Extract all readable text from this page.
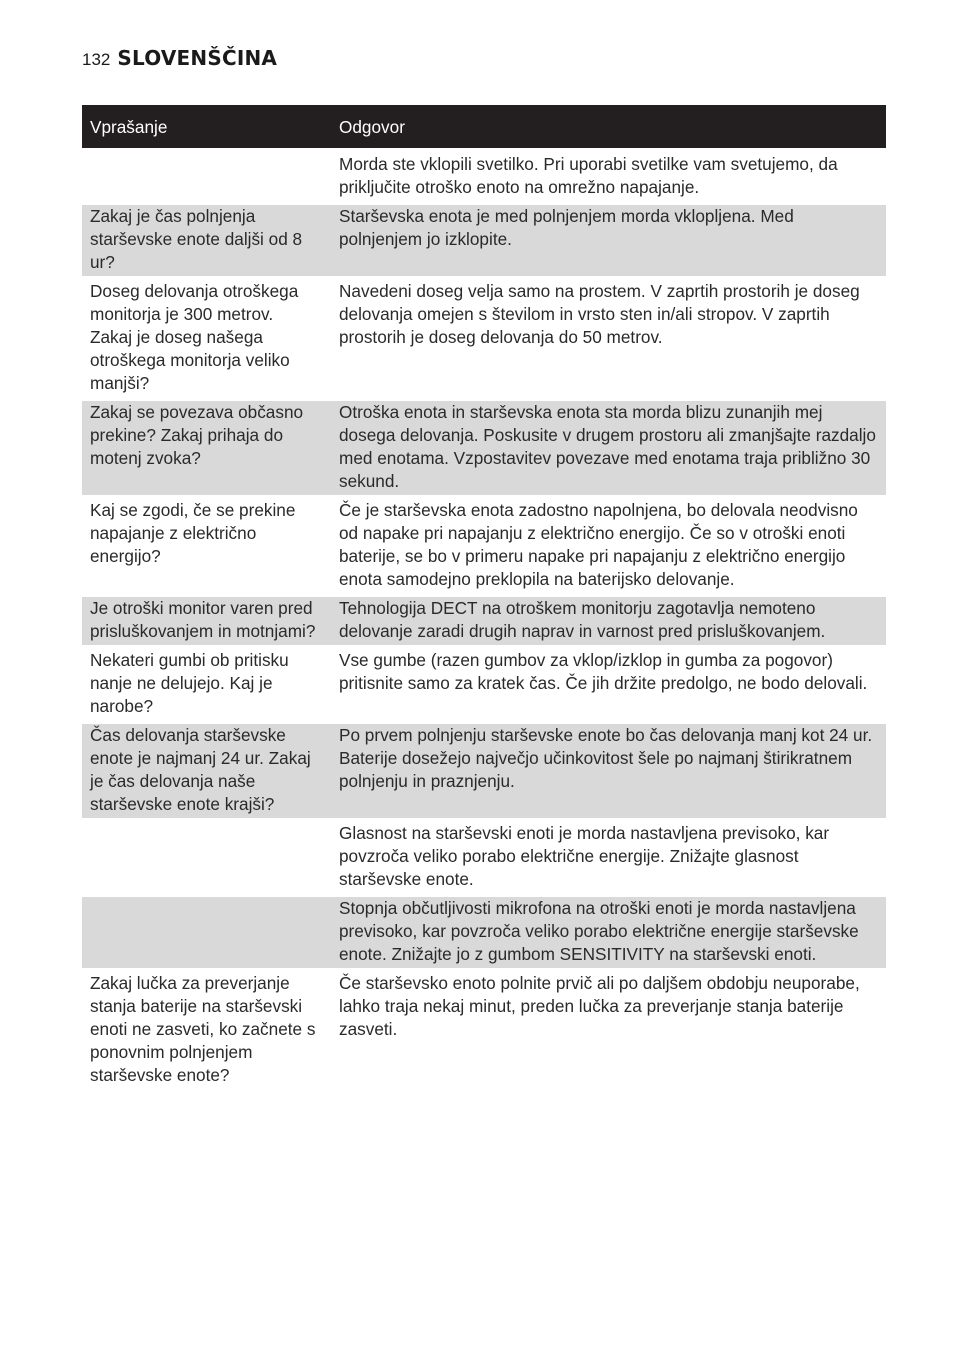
132 SLOVENŠČINA
Vprašanje	Odgovor

	Morda ste vklopili svetilko. Pri uporabi svetilke vam svetujemo, da priključite otroško enoto na omrežno napajanje.

Zakaj je čas polnjenja starševske enote daljši od 8 ur?	Starševska enota je med polnjenjem morda vklopljena. Med polnjenjem jo izklopite.

Doseg delovanja otroškega monitorja je 300 metrov. Zakaj je doseg našega otroškega monitorja veliko manjši?	Navedeni doseg velja samo na prostem. V zaprtih prostorih je doseg delovanja omejen s številom in vrsto sten in/ali stropov. V zaprtih prostorih je doseg delovanja do 50 metrov.

Zakaj se povezava občasno prekine? Zakaj prihaja do motenj zvoka?	Otroška enota in starševska enota sta morda blizu zunanjih mej dosega delovanja. Poskusite v drugem prostoru ali zmanjšajte razdaljo med enotama. Vzpostavitev povezave med enotama traja približno 30 sekund.

Kaj se zgodi, če se prekine napajanje z električno energijo?	Če je starševska enota zadostno napolnjena, bo delovala neodvisno od napake pri napajanju z električno energijo. Če so v otroški enoti baterije, se bo v primeru napake pri napajanju z električno energijo enota samodejno preklopila na baterijsko delovanje.

Je otroški monitor varen pred prisluškovanjem in motnjami?	Tehnologija DECT na otroškem monitorju zagotavlja nemoteno delovanje zaradi drugih naprav in varnost pred prisluškovanjem.

Nekateri gumbi ob pritisku nanje ne delujejo. Kaj je narobe?	Vse gumbe (razen gumbov za vklop/izklop in gumba za pogovor) pritisnite samo za kratek čas. Če jih držite predolgo, ne bodo delovali.

Čas delovanja starševske enote je najmanj 24 ur. Zakaj je čas delovanja naše starševske enote krajši?	Po prvem polnjenju starševske enote bo čas delovanja manj kot 24 ur. Baterije dosežejo največjo učinkovitost šele po najmanj štirikratnem polnjenju in praznjenju.

	Glasnost na starševski enoti je morda nastavljena previsoko, kar povzroča veliko porabo električne energije. Znižajte glasnost starševske enote.

	Stopnja občutljivosti mikrofona na otroški enoti je morda nastavljena previsoko, kar povzroča veliko porabo električne energije starševske enote. Znižajte jo z gumbom SENSITIVITY na starševski enoti.

Zakaj lučka za preverjanje stanja baterije na starševski enoti ne zasveti, ko začnete s ponovnim polnjenjem starševske enote?	Če starševsko enoto polnite prvič ali po daljšem obdobju neuporabe, lahko traja nekaj minut, preden lučka za preverjanje stanja baterije zasveti.
